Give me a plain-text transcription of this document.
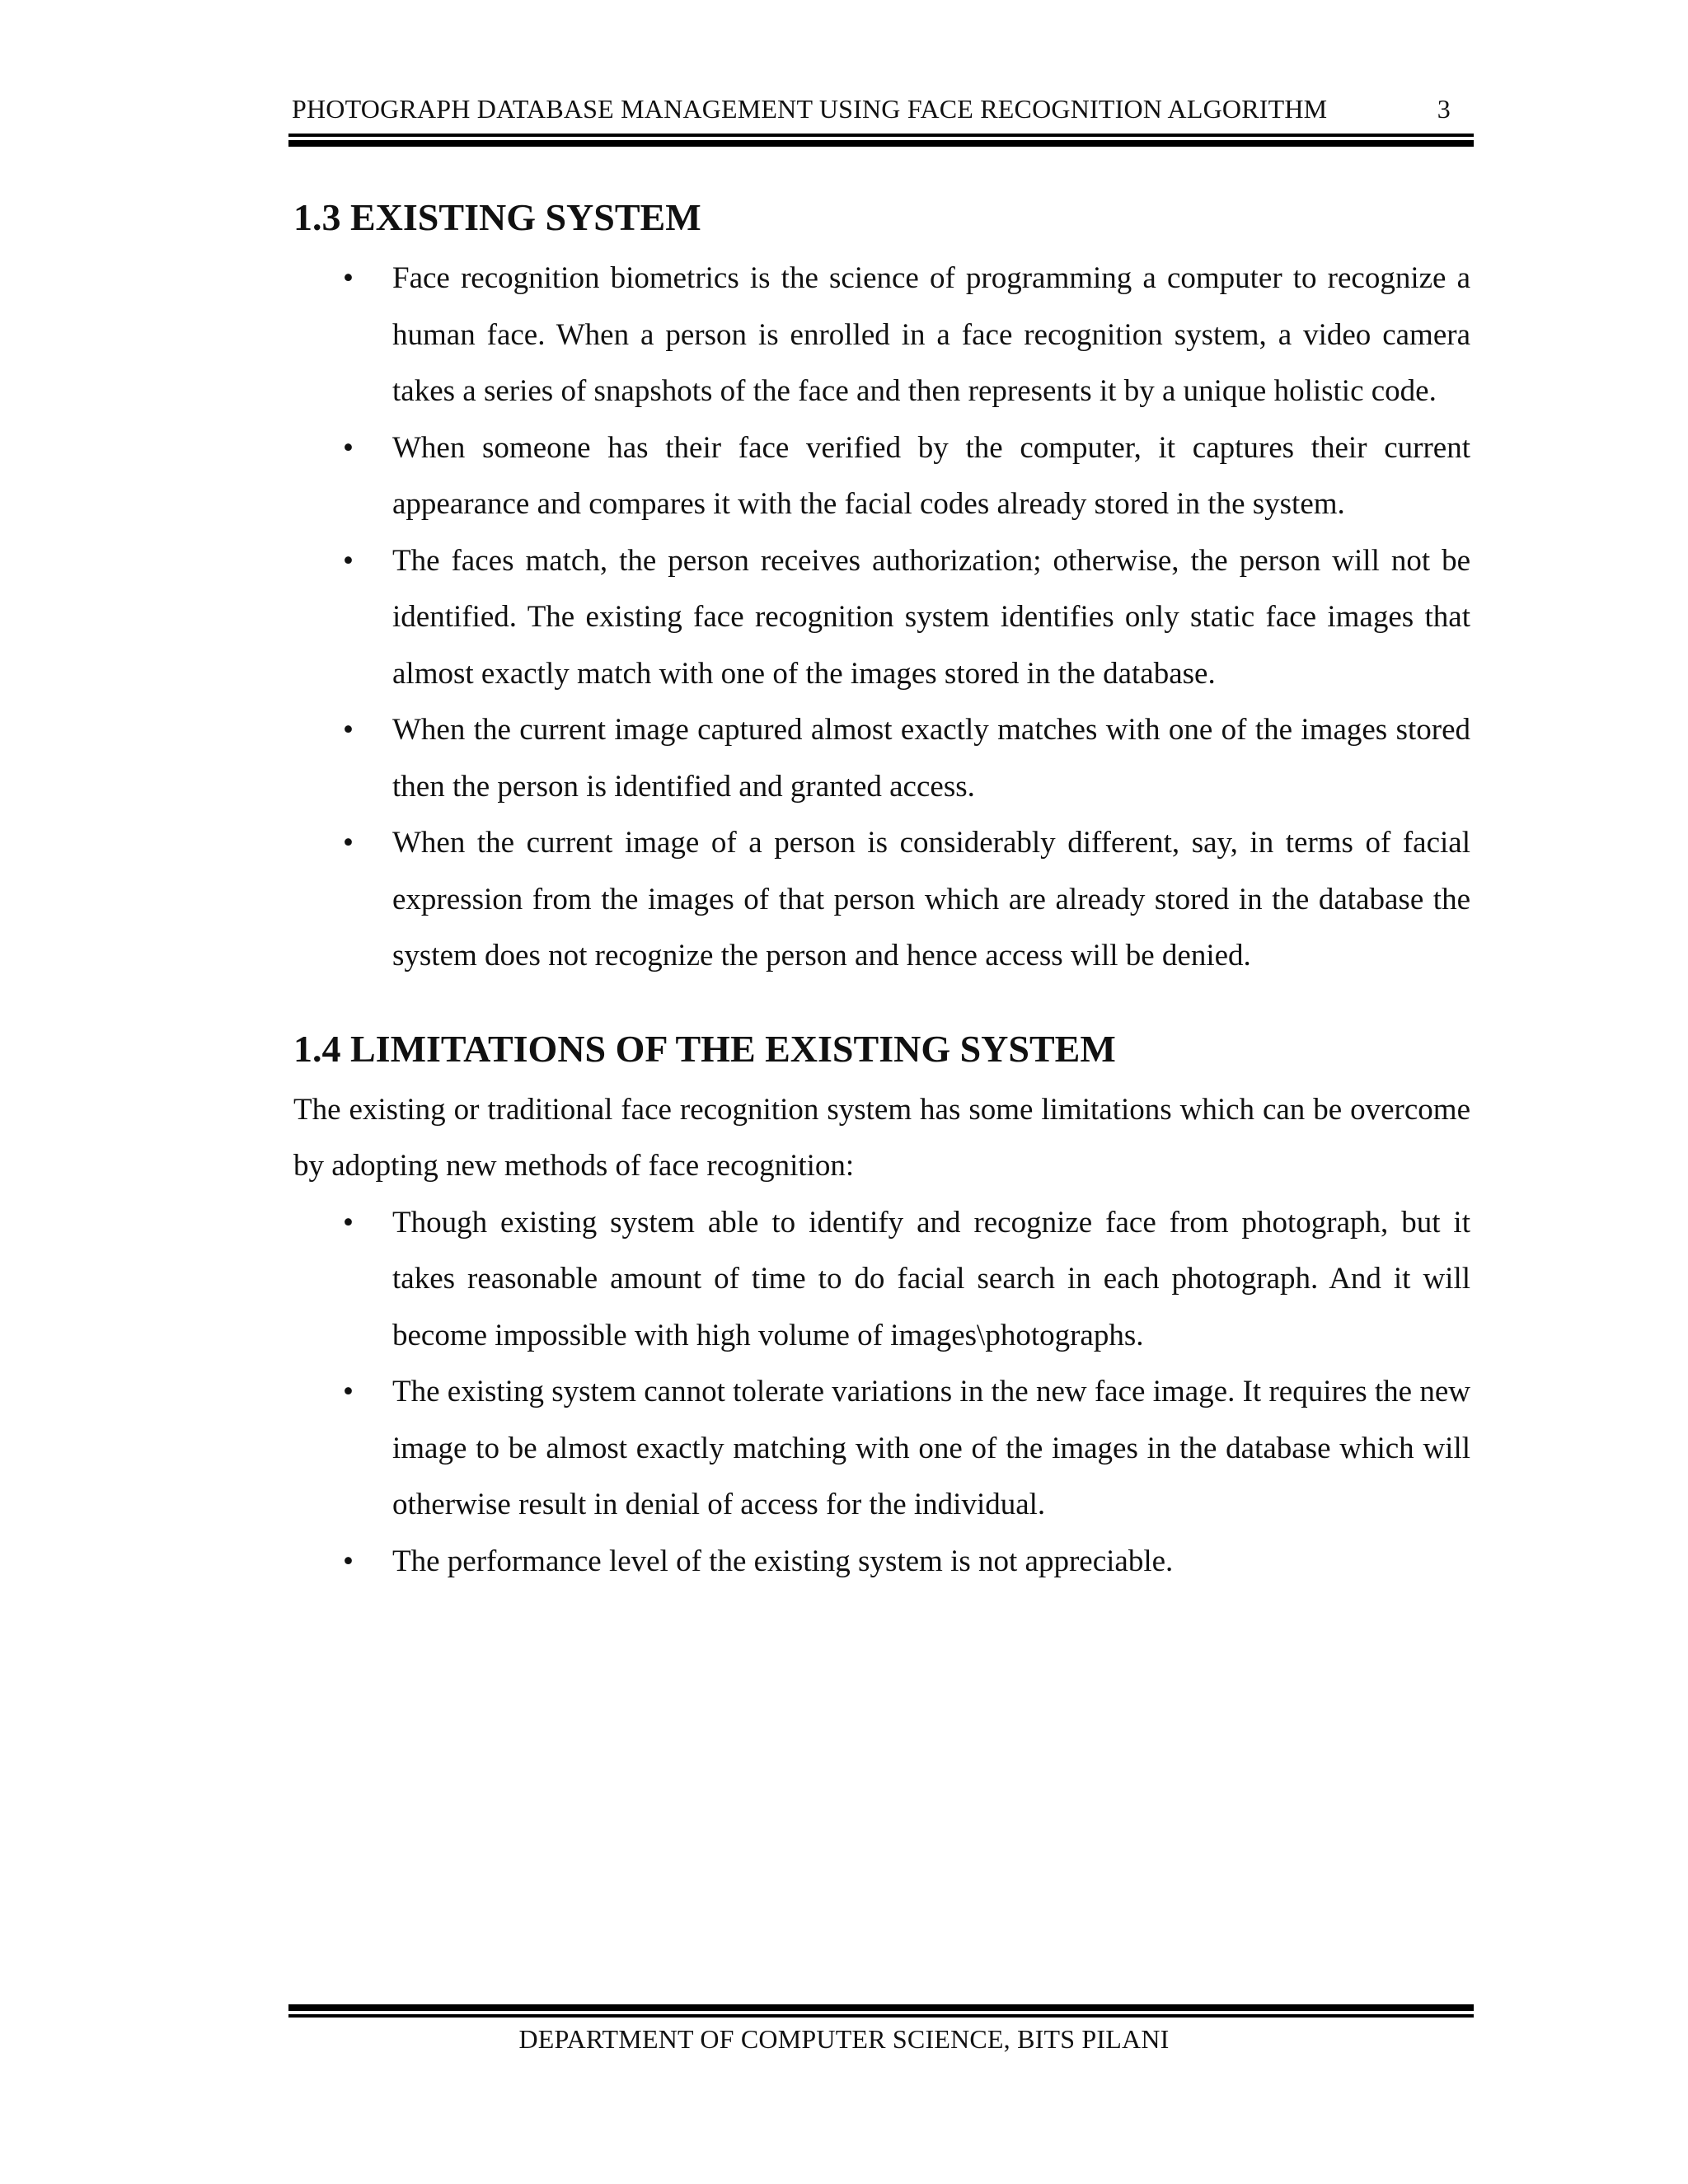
PHOTOGRAPH DATABASE MANAGEMENT USING FACE RECOGNITION ALGORITHM	3
1.3 EXISTING SYSTEM
• Face recognition biometrics is the science of programming a computer to recognize a human face. When a person is enrolled in a face recognition system, a video camera takes a series of snapshots of the face and then represents it by a unique holistic code.
• When someone has their face verified by the computer, it captures their current appearance and compares it with the facial codes already stored in the system.
• The faces match, the person receives authorization; otherwise, the person will not be identified. The existing face recognition system identifies only static face images that almost exactly match with one of the images stored in the database.
• When the current image captured almost exactly matches with one of the images stored then the person is identified and granted access.
• When the current image of a person is considerably different, say, in terms of facial expression from the images of that person which are already stored in the database the system does not recognize the person and hence access will be denied.
1.4 LIMITATIONS OF THE EXISTING SYSTEM

The existing or traditional face recognition system has some limitations which can be overcome by adopting new methods of face recognition:

• Though existing system able to identify and recognize face from photograph, but it takes reasonable amount of time to do facial search in each photograph. And it will become impossible with high volume of images\photographs.
• The existing system cannot tolerate variations in the new face image. It requires the new image to be almost exactly matching with one of the images in the database which will otherwise result in denial of access for the individual.
• The performance level of the existing system is not appreciable.
DEPARTMENT OF COMPUTER SCIENCE, BITS PILANI
